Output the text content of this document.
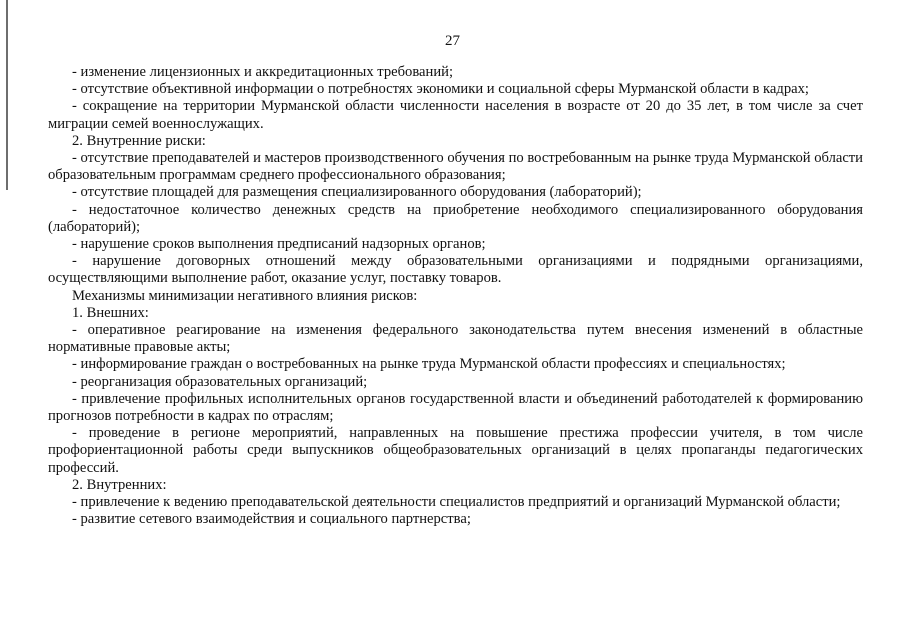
27

- изменение лицензионных и аккредитационных требований;

- отсутствие объективной информации о потребностях экономики и социальной сферы Мурманской области в кадрах;

- сокращение на территории Мурманской области численности населения в возрасте от 20 до 35 лет, в том числе за счет миграции семей военнослужащих.

2. Внутренние риски:

- отсутствие преподавателей и мастеров производственного обучения по востребованным на рынке труда Мурманской области образовательным программам среднего профессионального образования;

- отсутствие площадей для размещения специализированного оборудования (лабораторий);

- недостаточное количество денежных средств на приобретение необходимого специализированного оборудования (лабораторий);

- нарушение сроков выполнения предписаний надзорных органов;

- нарушение договорных отношений между образовательными организациями и подрядными организациями, осуществляющими выполнение работ, оказание услуг, поставку товаров.

Механизмы минимизации негативного влияния рисков:

1. Внешних:

- оперативное реагирование на изменения федерального законодательства путем внесения изменений в областные нормативные правовые акты;

- информирование граждан о востребованных на рынке труда Мурманской области профессиях и специальностях;

- реорганизация образовательных организаций;

- привлечение профильных исполнительных органов государственной власти и объединений работодателей к формированию прогнозов потребности в кадрах по отраслям;

- проведение в регионе мероприятий, направленных на повышение престижа профессии учителя, в том числе профориентационной работы среди выпускников общеобразовательных организаций в целях пропаганды педагогических профессий.

2. Внутренних:

- привлечение к ведению преподавательской деятельности специалистов предприятий и организаций Мурманской области;

- развитие сетевого взаимодействия и социального партнерства;
